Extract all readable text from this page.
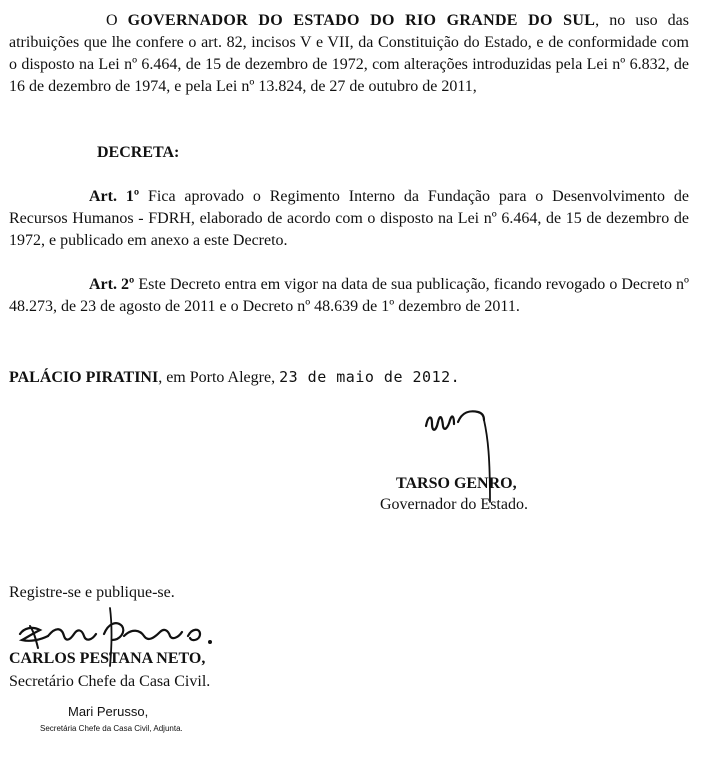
O GOVERNADOR DO ESTADO DO RIO GRANDE DO SUL, no uso das atribuições que lhe confere o art. 82, incisos V e VII, da Constituição do Estado, e de conformidade com o disposto na Lei nº 6.464, de 15 de dezembro de 1972, com alterações introduzidas pela Lei nº 6.832, de 16 de dezembro de 1974, e pela Lei nº 13.824, de 27 de outubro de 2011,

DECRETA:

Art. 1º Fica aprovado o Regimento Interno da Fundação para o Desenvolvimento de Recursos Humanos - FDRH, elaborado de acordo com o disposto na Lei nº 6.464, de 15 de dezembro de 1972, e publicado em anexo a este Decreto.

Art. 2º Este Decreto entra em vigor na data de sua publicação, ficando revogado o Decreto nº 48.273, de 23 de agosto de 2011 e o Decreto nº 48.639 de 1º dezembro de 2011.

PALÁCIO PIRATINI, em Porto Alegre, 23 de maio de 2012.

TARSO GENRO,

Governador do Estado.

Registre-se e publique-se.

CARLOS PESTANA NETO,

Secretário Chefe da Casa Civil.

Mari Perusso,

Secretária Chefe da Casa Civil, Adjunta.
